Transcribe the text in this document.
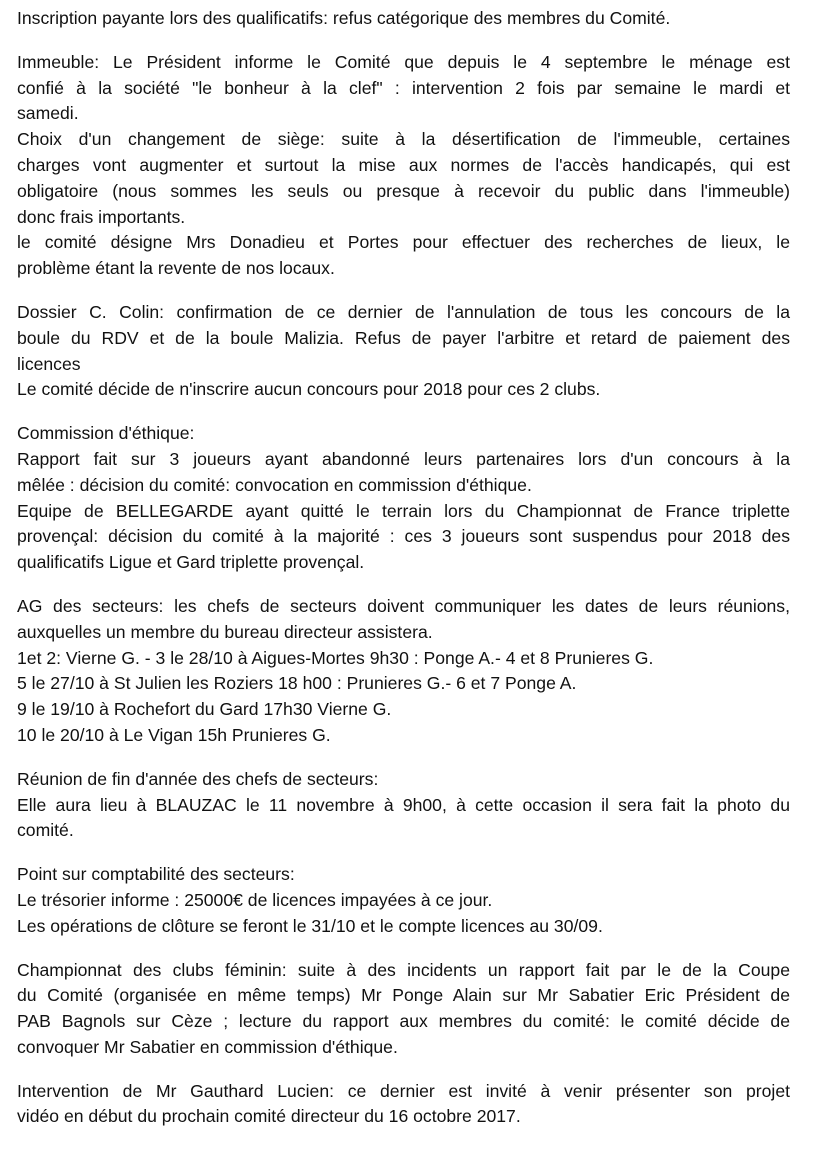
Inscription payante lors des qualificatifs: refus catégorique des membres du Comité.
Immeuble: Le Président informe le Comité que depuis le 4 septembre le ménage est
confié à la société "le bonheur à la clef" : intervention 2 fois par semaine le mardi et
samedi.
Choix d'un changement de siège: suite à la désertification de l'immeuble, certaines
charges vont augmenter et surtout la mise aux normes de l'accès handicapés, qui est
obligatoire (nous sommes les seuls ou presque à recevoir du public dans l'immeuble)
donc frais importants.
le comité désigne Mrs Donadieu et Portes pour effectuer des recherches de lieux, le
problème étant la revente de nos locaux.
Dossier C. Colin: confirmation de ce dernier de l'annulation de tous les concours de la
boule du RDV et de la boule Malizia. Refus de payer l'arbitre et retard de paiement des
licences
Le comité décide de n'inscrire aucun concours pour 2018 pour ces 2 clubs.
Commission d'éthique:
Rapport fait sur 3 joueurs ayant abandonné leurs partenaires lors d'un concours à la
mêlée : décision du comité: convocation en commission d'éthique.
Equipe de BELLEGARDE ayant quitté le terrain lors du Championnat de France triplette
provençal: décision du comité à la majorité : ces 3 joueurs sont suspendus pour 2018 des
qualificatifs Ligue et Gard triplette provençal.
AG des secteurs: les chefs de secteurs doivent communiquer les dates de leurs réunions,
auxquelles un membre du bureau directeur assistera.
1et 2: Vierne G. - 3 le 28/10 à Aigues-Mortes 9h30 : Ponge A.- 4 et 8 Prunieres G.
5 le 27/10 à St Julien les Roziers 18 h00 : Prunieres G.- 6 et 7 Ponge A.
9 le 19/10 à Rochefort du Gard 17h30 Vierne G.
10 le 20/10 à Le Vigan 15h Prunieres G.
Réunion de fin d'année des chefs de secteurs:
Elle aura lieu à BLAUZAC le 11 novembre à 9h00, à cette occasion il sera fait la photo du
comité.
Point sur comptabilité des secteurs:
Le trésorier informe : 25000€ de licences impayées à ce jour.
Les opérations de clôture se feront le 31/10 et le compte licences au 30/09.
Championnat des clubs féminin: suite à des incidents un rapport fait par le de la Coupe
du Comité (organisée en même temps) Mr Ponge Alain sur Mr Sabatier Eric Président de
PAB Bagnols sur Cèze ; lecture du rapport aux membres du comité: le comité décide de
convoquer Mr Sabatier en commission d'éthique.
Intervention de Mr Gauthard Lucien: ce dernier est invité à venir présenter son projet
vidéo en début du prochain comité directeur du 16 octobre 2017.
